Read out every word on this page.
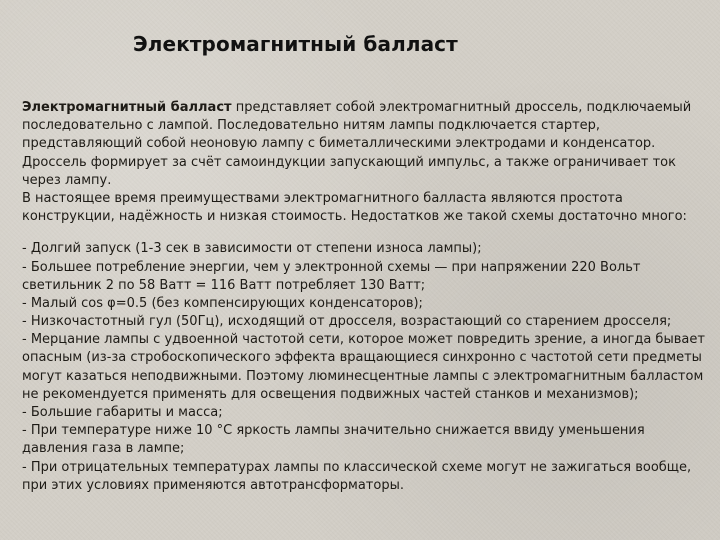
Электромагнитный балласт
Электромагнитный балласт представляет собой электромагнитный дроссель, подключаемый
последовательно с лампой. Последовательно нитям лампы подключается стартер,
представляющий собой неоновую лампу с биметаллическими электродами и конденсатор.
Дроссель формирует за счёт самоиндукции запускающий импульс, а также ограничивает ток
через лампу.
В настоящее время преимуществами электромагнитного балласта являются простота
конструкции, надёжность и низкая стоимость. Недостатков же такой схемы достаточно много:
- Долгий запуск (1-3 сек в зависимости от степени износа лампы);
- Большее потребление энергии, чем у электронной схемы — при напряжении 220 Вольт
светильник 2 по 58 Ватт = 116 Ватт потребляет 130 Ватт;
- Малый cos φ=0.5 (без компенсирующих конденсаторов);
- Низкочастотный гул (50Гц), исходящий от дросселя, возрастающий со старением дросселя;
- Мерцание лампы с удвоенной частотой сети, которое может повредить зрение, а иногда бывает
опасным (из-за стробоскопического эффекта вращающиеся синхронно с частотой сети предметы
могут казаться неподвижными. Поэтому люминесцентные лампы с электромагнитным балластом
не рекомендуется применять для освещения подвижных частей станков и механизмов);
- Большие габариты и масса;
- При температуре ниже 10 °C яркость лампы значительно снижается ввиду уменьшения
давления газа в лампе;
- При отрицательных температурах лампы по классической схеме могут не зажигаться вообще,
при этих условиях применяются автотрансформаторы.
